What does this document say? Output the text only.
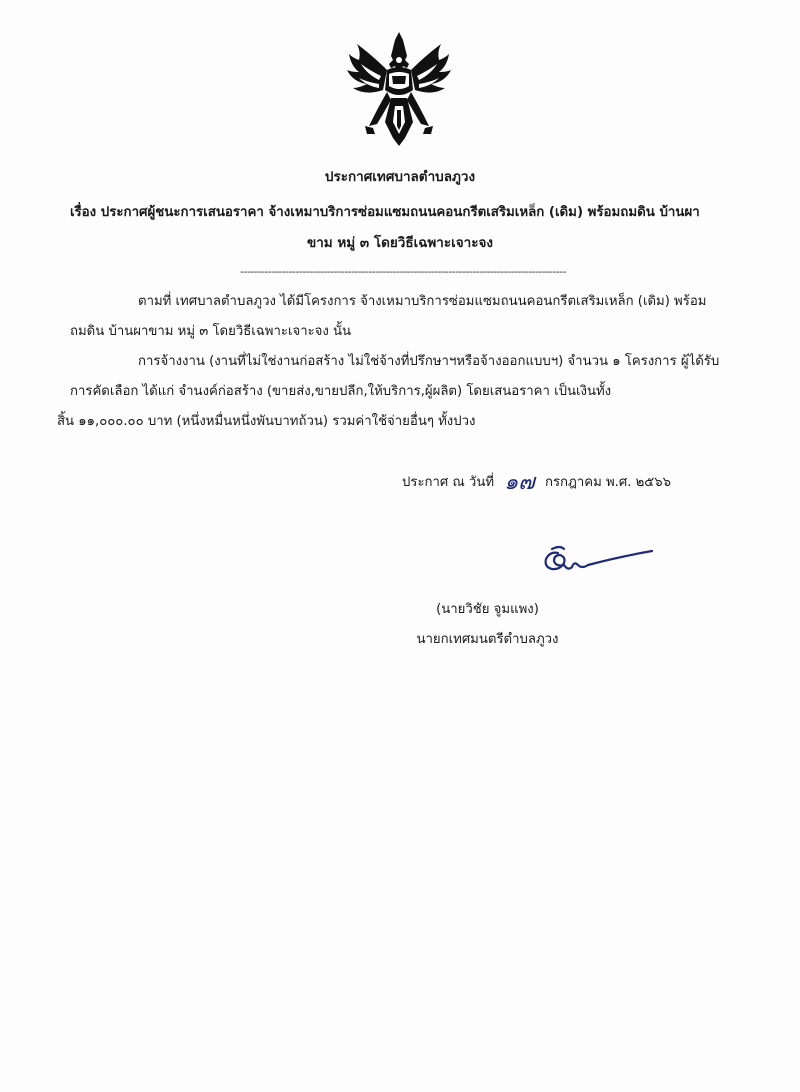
ประกาศเทศบาลตำบลภูวง
เรื่อง ประกาศผู้ชนะการเสนอราคา จ้างเหมาบริการซ่อมแซมถนนคอนกรีตเสริมเหล็ก (เดิม) พร้อมถมดิน บ้านผา
ขาม หมู่ ๓ โดยวิธีเฉพาะเจาะจง
----------------------------------------------------------------------------------------------
ตามที่ เทศบาลตำบลภูวง ได้มีโครงการ จ้างเหมาบริการซ่อมแซมถนนคอนกรีตเสริมเหล็ก (เดิม) พร้อม
ถมดิน บ้านผาขาม หมู่ ๓ โดยวิธีเฉพาะเจาะจง นั้น
การจ้างงาน (งานที่ไม่ใช่งานก่อสร้าง ไม่ใช่จ้างที่ปรึกษาฯหรือจ้างออกแบบฯ) จำนวน ๑ โครงการ ผู้ได้รับ
การคัดเลือก ได้แก่ จำนงค์ก่อสร้าง (ขายส่ง,ขายปลีก,ให้บริการ,ผู้ผลิต) โดยเสนอราคา เป็นเงินทั้ง
สิ้น ๑๑,๐๐๐.๐๐ บาท (หนึ่งหมื่นหนึ่งพันบาทถ้วน) รวมค่าใช้จ่ายอื่นๆ ทั้งปวง
ประกาศ ณ วันที่ ๑๗ กรกฎาคม พ.ศ. ๒๕๖๖
(นายวิชัย จูมแพง)
นายกเทศมนตรีตำบลภูวง
